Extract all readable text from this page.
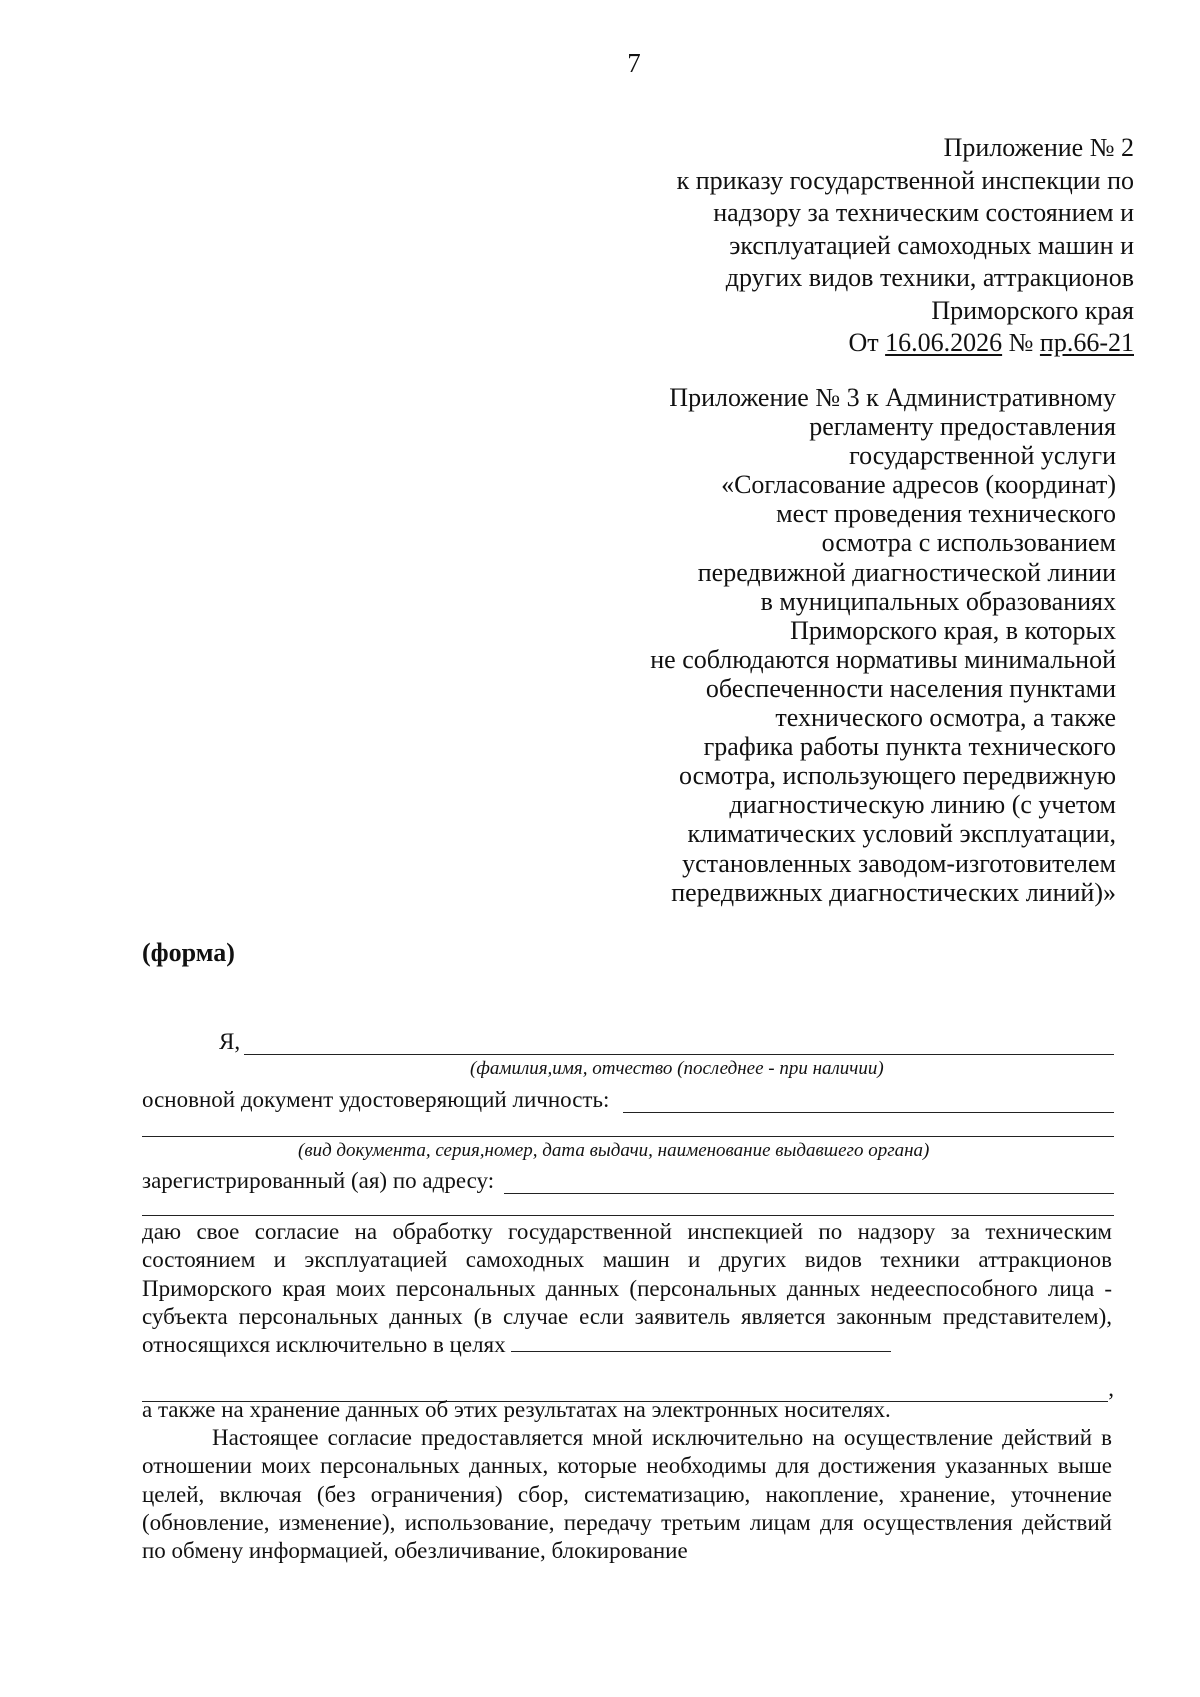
7
Приложение № 2
к приказу государственной инспекции по
надзору за техническим состоянием и
эксплуатацией самоходных машин и
других видов техники, аттракционов
Приморского края
От 16.06.2026 № пр.66-21
Приложение № 3 к Административному
регламенту предоставления
государственной услуги
«Согласование адресов (координат)
мест проведения технического
осмотра с использованием
передвижной диагностической линии
в муниципальных образованиях
Приморского края, в которых
не соблюдаются нормативы минимальной
обеспеченности населения пунктами
технического осмотра, а также
графика работы пункта технического
осмотра, использующего передвижную
диагностическую линию (с учетом
климатических условий эксплуатации,
установленных заводом-изготовителем
передвижных диагностических линий)»
(форма)
Я,
(фамилия,имя, отчество (последнее - при наличии)
основной документ удостоверяющий личность:
(вид документа, серия,номер, дата выдачи, наименование выдавшего органа)
зарегистрированный (ая) по адресу:
даю свое согласие на обработку государственной инспекцией по надзору за техническим состоянием и эксплуатацией самоходных машин и других видов техники аттракционов Приморского края моих персональных данных (персональных данных недееспособного лица - субъекта персональных данных (в случае если заявитель является законным представителем), относящихся исключительно в целях
,
а также на хранение данных об этих результатах на электронных носителях.
Настоящее согласие предоставляется мной исключительно на осуществление действий в отношении моих персональных данных, которые необходимы для достижения указанных выше целей, включая (без ограничения) сбор, систематизацию, накопление, хранение, уточнение (обновление, изменение), использование, передачу третьим лицам для осуществления действий по обмену информацией, обезличивание, блокирование
